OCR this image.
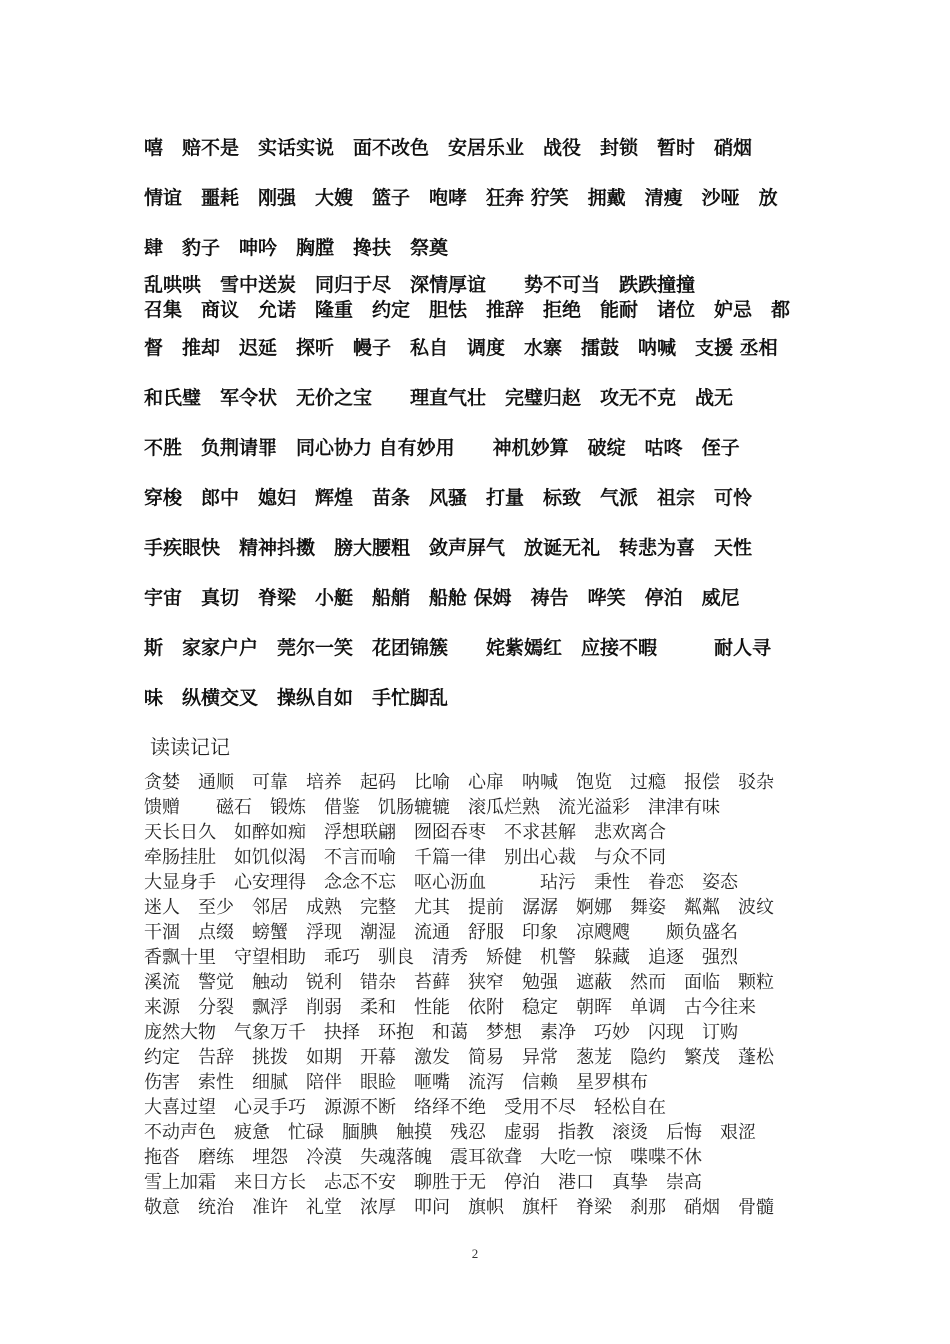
嘻　赔不是　实话实说　面不改色　安居乐业　战役　封锁　暂时　硝烟
情谊　噩耗　刚强　大嫂　篮子　咆哮　狂奔 狞笑　拥戴　清瘦　沙哑　放
肆　豹子　呻吟　胸膛　搀扶　祭奠
乱哄哄　雪中送炭　同归于尽　深情厚谊　　势不可当　跌跌撞撞
召集　商议　允诺　隆重　约定　胆怯　推辞　拒绝　能耐　诸位　妒忌　都
督　推却　迟延　探听　幔子　私自　调度　水寨　擂鼓　呐喊　支援 丞相
和氏璧　军令状　无价之宝　　理直气壮　完璧归赵　攻无不克　战无
不胜　负荆请罪　同心协力 自有妙用　　神机妙算　破绽　咕咚　侄子
穿梭　郎中　媳妇　辉煌　苗条　风骚　打量　标致　气派　祖宗　可怜
手疾眼快　精神抖擞　膀大腰粗　敛声屏气　放诞无礼　转悲为喜　天性
宇宙　真切　脊梁　小艇　船艄　船舱 保姆　祷告　哗笑　停泊　威尼
斯　家家户户　莞尔一笑　花团锦簇　　姹紫嫣红　应接不暇　　　耐人寻
味　纵横交叉　操纵自如　手忙脚乱
读读记记
贪婪　通顺　可靠　培养　起码　比喻　心扉　呐喊　饱览　过瘾　报偿　驳杂
馈赠　　磁石　锻炼　借鉴　饥肠辘辘　滚瓜烂熟　流光溢彩　津津有味
天长日久　如醉如痴　浮想联翩　囫囵吞枣　不求甚解　悲欢离合
牵肠挂肚　如饥似渴　不言而喻　千篇一律　别出心裁　与众不同
大显身手　心安理得　念念不忘　呕心沥血　　　玷污　秉性　眷恋　姿态
迷人　至少　邻居　成熟　完整　尤其　提前　潺潺　婀娜　舞姿　粼粼　波纹
干涸　点缀　螃蟹　浮现　潮湿　流通　舒服　印象　凉飕飕　　颇负盛名
香飘十里　守望相助　乖巧　驯良　清秀　矫健　机警　躲藏　追逐　强烈
溪流　警觉　触动　锐利　错杂　苔藓　狭窄　勉强　遮蔽　然而　面临　颗粒
来源　分裂　飘浮　削弱　柔和　性能　依附　稳定　朝晖　单调　古今往来
庞然大物　气象万千　抉择　环抱　和蔼　梦想　素净　巧妙　闪现　订购
约定　告辞　挑拨　如期　开幕　激发　简易　异常　葱茏　隐约　繁茂　蓬松
伤害　索性　细腻　陪伴　眼睑　咂嘴　流泻　信赖　星罗棋布
大喜过望　心灵手巧　源源不断　络绎不绝　受用不尽　轻松自在
不动声色　疲惫　忙碌　腼腆　触摸　残忍　虚弱　指教　滚烫　后悔　艰涩
拖沓　磨练　埋怨　冷漠　失魂落魄　震耳欲聋　大吃一惊　喋喋不休
雪上加霜　来日方长　忐忑不安　聊胜于无　停泊　港口　真挚　崇高
敬意　统治　准许　礼堂　浓厚　叩问　旗帜　旗杆　脊梁　刹那　硝烟　骨髓
2
